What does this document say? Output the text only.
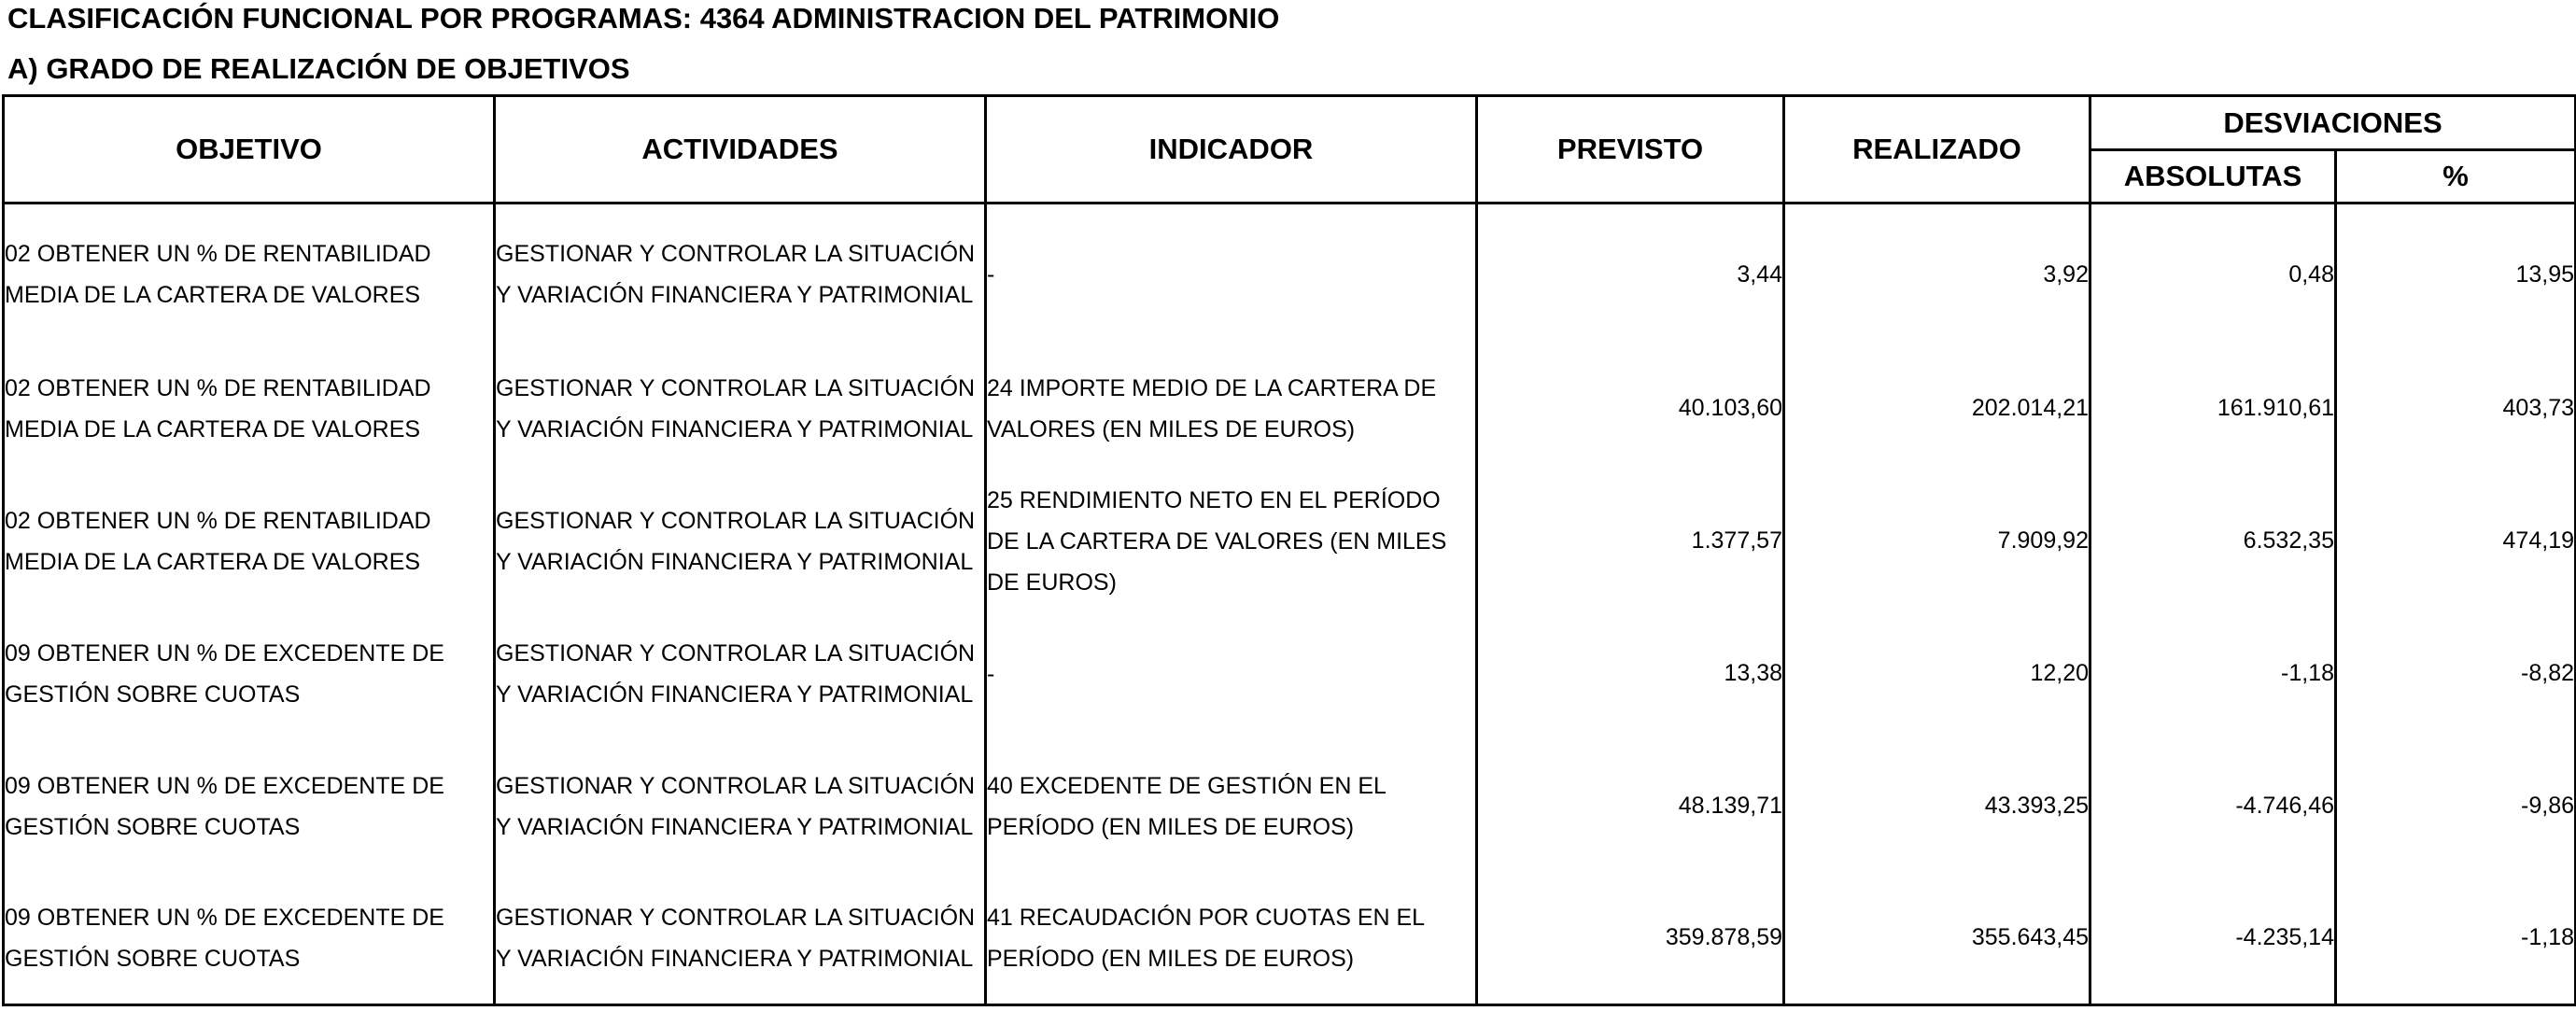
CLASIFICACIÓN FUNCIONAL POR PROGRAMAS: 4364 ADMINISTRACION DEL PATRIMONIO
A) GRADO DE REALIZACIÓN DE OBJETIVOS
OBJETIVO	ACTIVIDADES	INDICADOR	PREVISTO	REALIZADO	DESVIACIONES	
					ABSOLUTAS	%
02 OBTENER UN % DE RENTABILIDAD MEDIA DE LA CARTERA DE VALORES	GESTIONAR Y CONTROLAR LA SITUACIÓN Y VARIACIÓN FINANCIERA Y PATRIMONIAL	-	3,44	3,92	0,48	13,95
02 OBTENER UN % DE RENTABILIDAD MEDIA DE LA CARTERA DE VALORES	GESTIONAR Y CONTROLAR LA SITUACIÓN Y VARIACIÓN FINANCIERA Y PATRIMONIAL	24 IMPORTE MEDIO DE LA CARTERA DE VALORES (EN MILES DE EUROS)	40.103,60	202.014,21	161.910,61	403,73
02 OBTENER UN % DE RENTABILIDAD MEDIA DE LA CARTERA DE VALORES	GESTIONAR Y CONTROLAR LA SITUACIÓN Y VARIACIÓN FINANCIERA Y PATRIMONIAL	25 RENDIMIENTO NETO EN EL PERÍODO DE LA CARTERA DE VALORES (EN MILES DE EUROS)	1.377,57	7.909,92	6.532,35	474,19
09 OBTENER UN % DE EXCEDENTE DE GESTIÓN SOBRE CUOTAS	GESTIONAR Y CONTROLAR LA SITUACIÓN Y VARIACIÓN FINANCIERA Y PATRIMONIAL	-	13,38	12,20	-1,18	-8,82
09 OBTENER UN % DE EXCEDENTE DE GESTIÓN SOBRE CUOTAS	GESTIONAR Y CONTROLAR LA SITUACIÓN Y VARIACIÓN FINANCIERA Y PATRIMONIAL	40 EXCEDENTE DE GESTIÓN EN EL PERÍODO (EN MILES DE EUROS)	48.139,71	43.393,25	-4.746,46	-9,86
09 OBTENER UN % DE EXCEDENTE DE GESTIÓN SOBRE CUOTAS	GESTIONAR Y CONTROLAR LA SITUACIÓN Y VARIACIÓN FINANCIERA Y PATRIMONIAL	41 RECAUDACIÓN POR CUOTAS EN EL PERÍODO (EN MILES DE EUROS)	359.878,59	355.643,45	-4.235,14	-1,18
